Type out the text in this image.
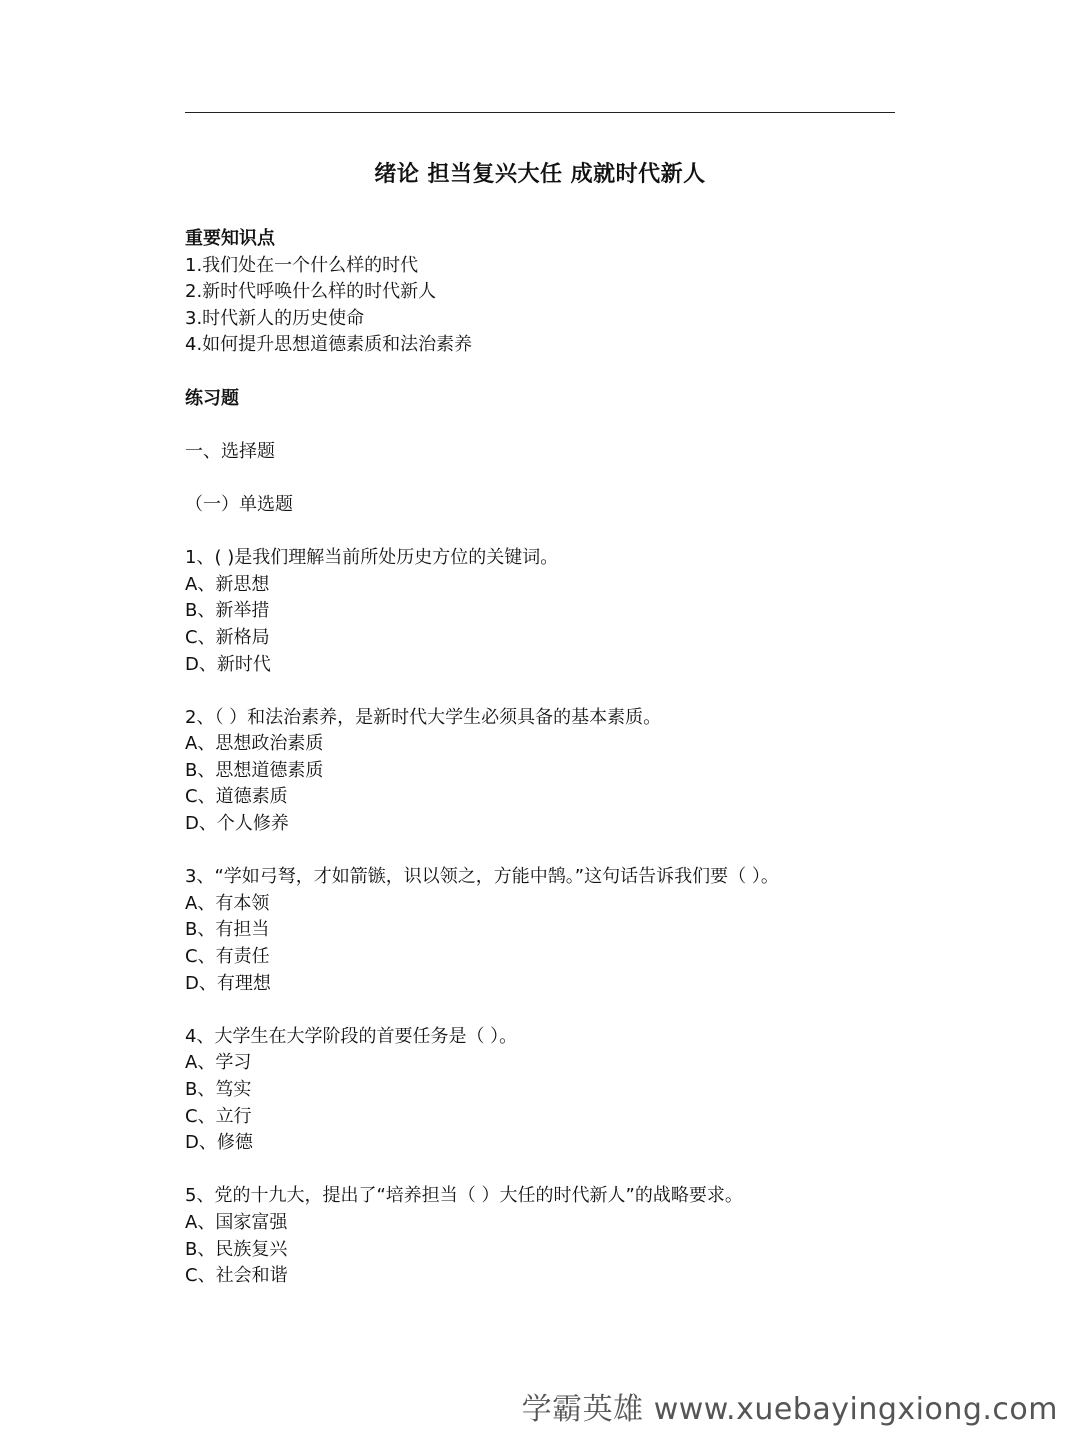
绪论 担当复兴大任 成就时代新人
重要知识点
1.我们处在一个什么样的时代
2.新时代呼唤什么样的时代新人
3.时代新人的历史使命
4.如何提升思想道德素质和法治素养
练习题
一、选择题
（一）单选题
1、( )是我们理解当前所处历史方位的关键词。
A、新思想
B、新举措
C、新格局
D、新时代
2、（ ）和法治素养，是新时代大学生必须具备的基本素质。
A、思想政治素质
B、思想道德素质
C、道德素质
D、个人修养
3、“学如弓弩，才如箭镞，识以领之，方能中鹄。”这句话告诉我们要（ ）。
A、有本领
B、有担当
C、有责任
D、有理想
4、大学生在大学阶段的首要任务是（ ）。
A、学习
B、笃实
C、立行
D、修德
5、党的十九大，提出了“培养担当（ ）大任的时代新人”的战略要求。
A、国家富强
B、民族复兴
C、社会和谐
学霸英雄 www.xuebayingxiong.com
